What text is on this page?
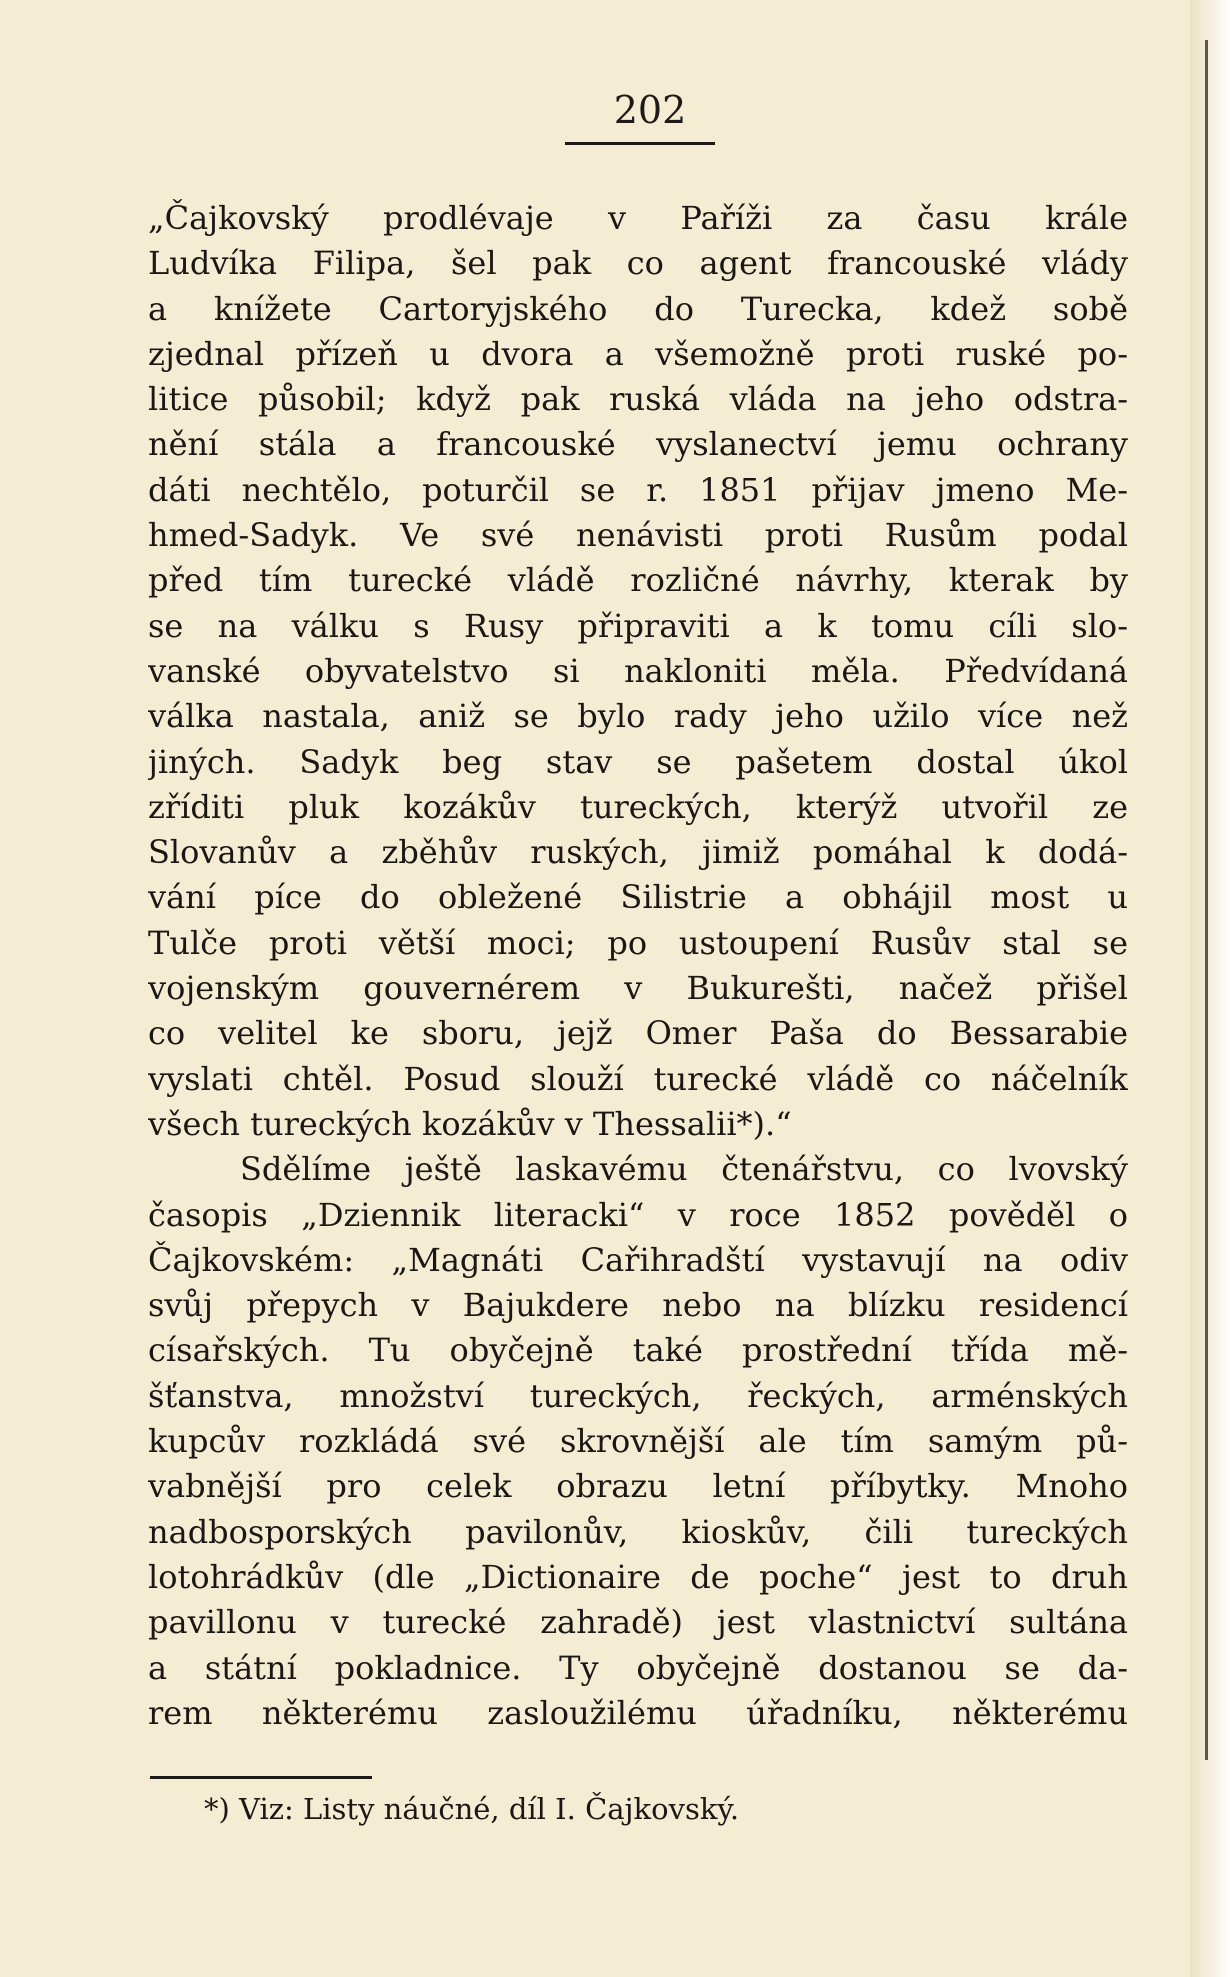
202

„Čajkovský prodlévaje v Paříži za času krále
Ludvíka Filipa, šel pak co agent francouské vlády
a knížete Cartoryjského do Turecka, kdež sobě
zjednal přízeň u dvora a všemožně proti ruské po-
litice působil; když pak ruská vláda na jeho odstra-
nění stála a francouské vyslanectví jemu ochrany
dáti nechtělo, poturčil se r. 1851 přijav jmeno Me-
hmed-Sadyk. Ve své nenávisti proti Rusům podal
před tím turecké vládě rozličné návrhy, kterak by
se na válku s Rusy připraviti a k tomu cíli slo-
vanské obyvatelstvo si nakloniti měla. Předvídaná
válka nastala, aniž se bylo rady jeho užilo více než
jiných. Sadyk beg stav se pašetem dostal úkol
zříditi pluk kozákův tureckých, kterýž utvořil ze
Slovanův a zběhův ruských, jimiž pomáhal k dodá-
vání píce do obležené Silistrie a obhájil most u
Tulče proti větší moci; po ustoupení Rusův stal se
vojenským gouvernérem v Bukurešti, načež přišel
co velitel ke sboru, jejž Omer Paša do Bessarabie
vyslati chtěl. Posud slouží turecké vládě co náčelník
všech tureckých kozákův v Thessalii*).“
Sdělíme ještě laskavému čtenářstvu, co lvovský
časopis „Dziennik literacki“ v roce 1852 pověděl o
Čajkovském: „Magnáti Cařihradští vystavují na odiv
svůj přepych v Bajukdere nebo na blízku residencí
císařských. Tu obyčejně také prostřední třída mě-
šťanstva, množství tureckých, řeckých, arménských
kupcův rozkládá své skrovnější ale tím samým pů-
vabnější pro celek obrazu letní příbytky. Mnoho
nadbosporských pavilonův, kioskův, čili tureckých
lotohrádkův (dle „Dictionaire de poche“ jest to druh
pavillonu v turecké zahradě) jest vlastnictví sultána
a státní pokladnice. Ty obyčejně dostanou se da-
rem některému zasloužilému úřadníku, některému

*) Viz: Listy náučné, díl I. Čajkovský.
